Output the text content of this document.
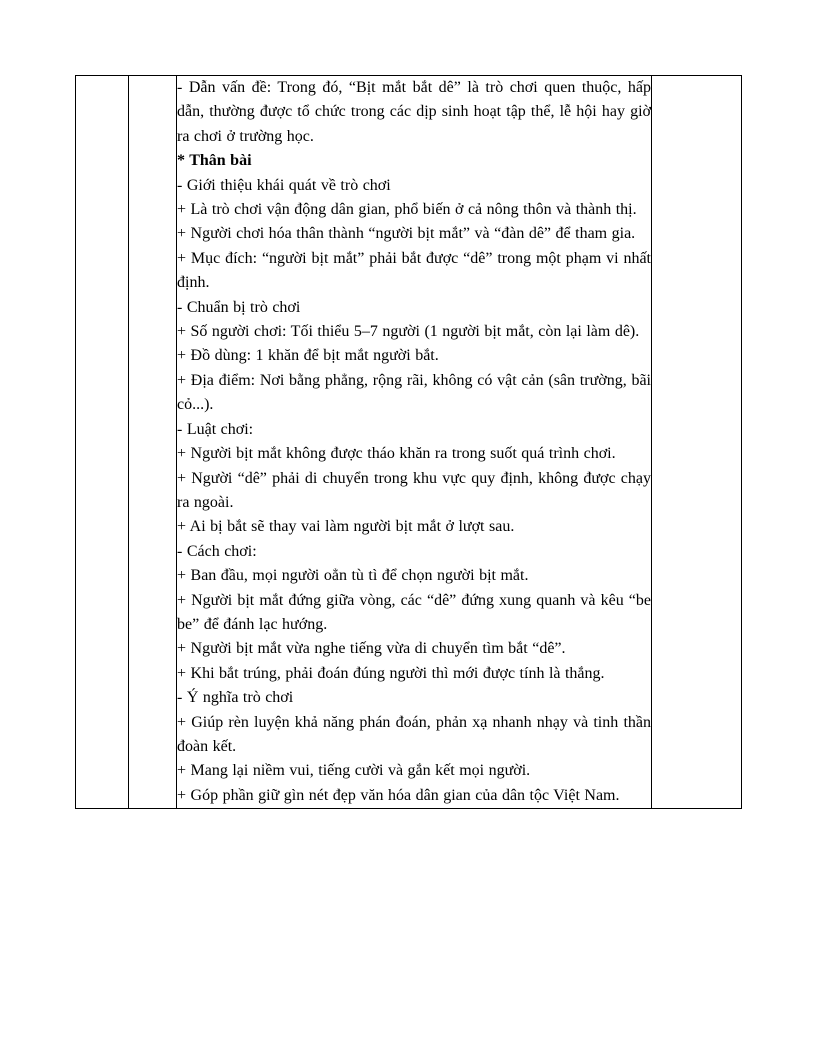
- Dẫn vấn đề: Trong đó, “Bịt mắt bắt dê” là trò chơi quen thuộc, hấp dẫn, thường được tổ chức trong các dịp sinh hoạt tập thể, lễ hội hay giờ ra chơi ở trường học.

* Thân bài

- Giới thiệu khái quát về trò chơi

+ Là trò chơi vận động dân gian, phổ biến ở cả nông thôn và thành thị.

+ Người chơi hóa thân thành “người bịt mắt” và “đàn dê” để tham gia.

+ Mục đích: “người bịt mắt” phải bắt được “dê” trong một phạm vi nhất định.

- Chuẩn bị trò chơi

+ Số người chơi: Tối thiểu 5–7 người (1 người bịt mắt, còn lại làm dê).

+ Đồ dùng: 1 khăn để bịt mắt người bắt.

+ Địa điểm: Nơi bằng phẳng, rộng rãi, không có vật cản (sân trường, bãi cỏ...).

- Luật chơi:

+ Người bịt mắt không được tháo khăn ra trong suốt quá trình chơi.

+ Người “dê” phải di chuyển trong khu vực quy định, không được chạy ra ngoài.

+ Ai bị bắt sẽ thay vai làm người bịt mắt ở lượt sau.

- Cách chơi:

+ Ban đầu, mọi người oẳn tù tì để chọn người bịt mắt.

+ Người bịt mắt đứng giữa vòng, các “dê” đứng xung quanh và kêu “be be” để đánh lạc hướng.

+ Người bịt mắt vừa nghe tiếng vừa di chuyển tìm bắt “dê”.

+ Khi bắt trúng, phải đoán đúng người thì mới được tính là thắng.

- Ý nghĩa trò chơi

+ Giúp rèn luyện khả năng phán đoán, phản xạ nhanh nhạy và tinh thần đoàn kết.

+ Mang lại niềm vui, tiếng cười và gắn kết mọi người.

+ Góp phần giữ gìn nét đẹp văn hóa dân gian của dân tộc Việt Nam.
